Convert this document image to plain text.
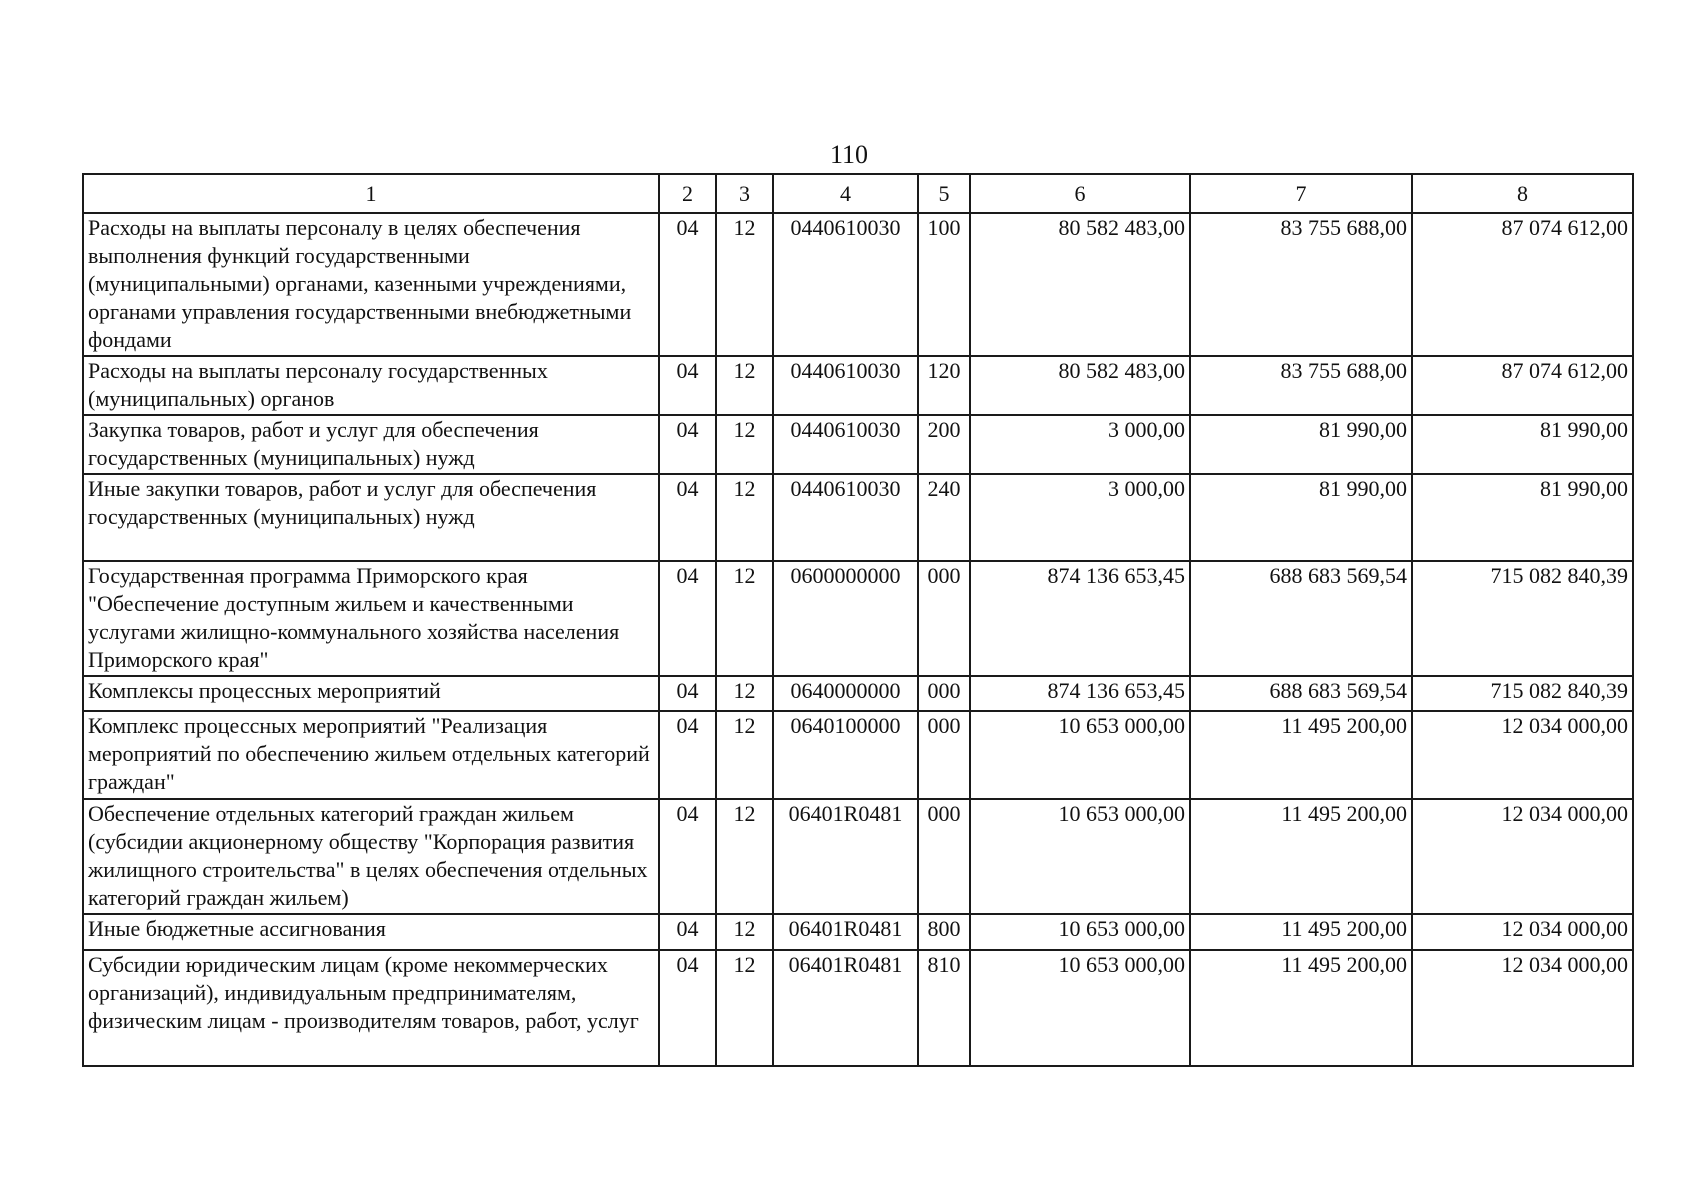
110
1	2	3	4	5	6	7	8
Расходы на выплаты персоналу в целях обеспечения выполнения функций государственными (муниципальными) органами, казенными учреждениями, органами управления государственными внебюджетными фондами	04	12	0440610030	100	80 582 483,00	83 755 688,00	87 074 612,00
Расходы на выплаты персоналу государственных (муниципальных) органов	04	12	0440610030	120	80 582 483,00	83 755 688,00	87 074 612,00
Закупка товаров, работ и услуг для обеспечения государственных (муниципальных) нужд	04	12	0440610030	200	3 000,00	81 990,00	81 990,00
Иные закупки товаров, работ и услуг для обеспечения государственных (муниципальных) нужд	04	12	0440610030	240	3 000,00	81 990,00	81 990,00
Государственная программа Приморского края "Обеспечение доступным жильем и качественными услугами жилищно-коммунального хозяйства населения Приморского края"	04	12	0600000000	000	874 136 653,45	688 683 569,54	715 082 840,39
Комплексы процессных мероприятий	04	12	0640000000	000	874 136 653,45	688 683 569,54	715 082 840,39
Комплекс процессных мероприятий "Реализация мероприятий по обеспечению жильем отдельных категорий граждан"	04	12	0640100000	000	10 653 000,00	11 495 200,00	12 034 000,00
Обеспечение отдельных категорий граждан жильем (субсидии акционерному обществу "Корпорация развития жилищного строительства" в целях обеспечения отдельных категорий граждан жильем)	04	12	06401R0481	000	10 653 000,00	11 495 200,00	12 034 000,00
Иные бюджетные ассигнования	04	12	06401R0481	800	10 653 000,00	11 495 200,00	12 034 000,00
Субсидии юридическим лицам (кроме некоммерческих организаций), индивидуальным предпринимателям, физическим лицам - производителям товаров, работ, услуг	04	12	06401R0481	810	10 653 000,00	11 495 200,00	12 034 000,00
